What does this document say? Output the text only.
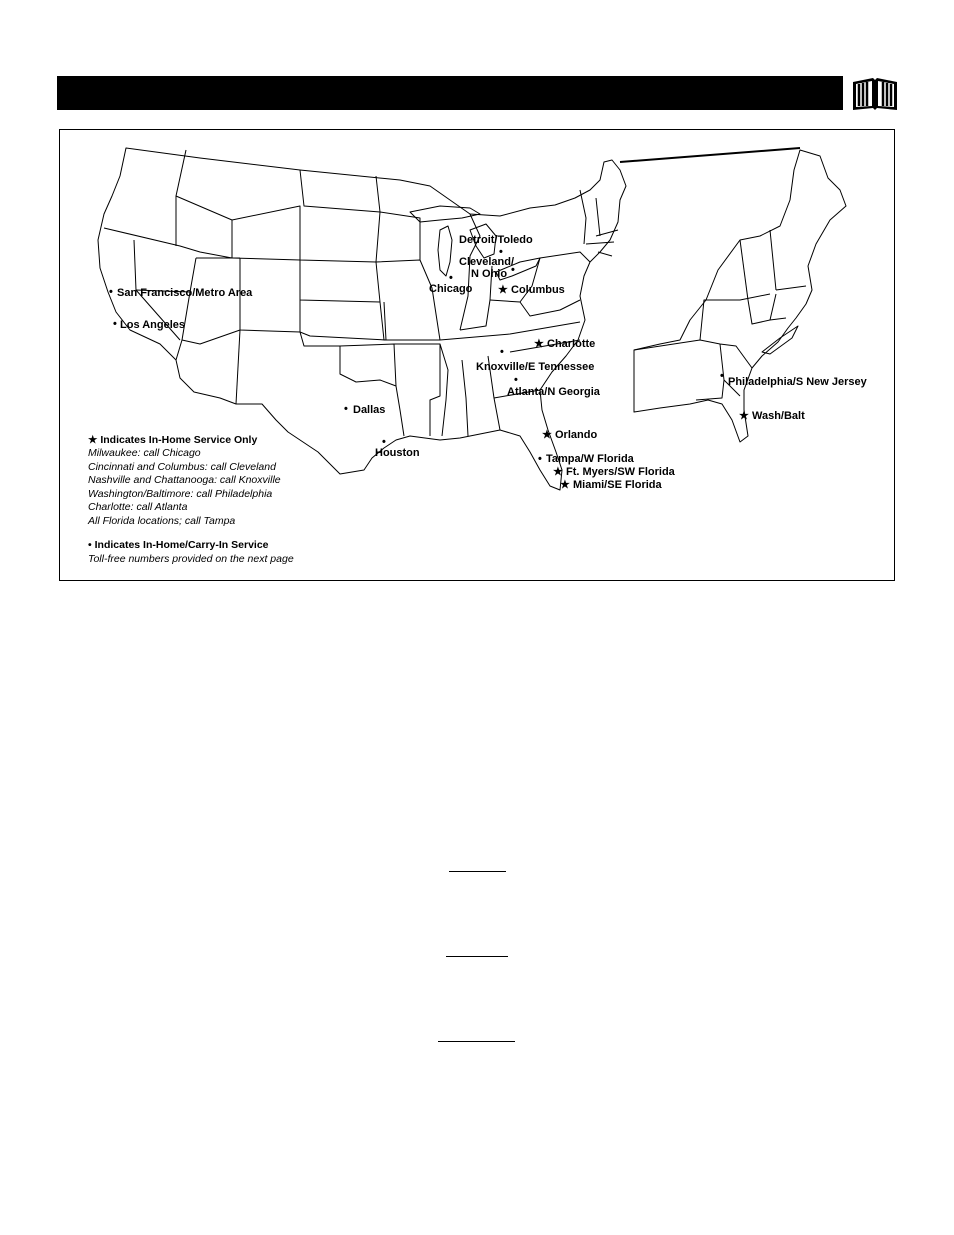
Detroit/Toledo
•
Cleveland/
N Ohio •
•
Chicago ★ Columbus
• San Francisco/Metro Area
• Los Angeles
★ Charlotte
•
Knoxville/E Tennessee
•
Atlanta/N Georgia
• Dallas
•
Houston
★ Orlando
• Tampa/W Florida
★ Ft. Myers/SW Florida
★ Miami/SE Florida
• Philadelphia/S New Jersey
★ Wash/Balt
★ Indicates In-Home Service Only
Milwaukee: call Chicago
Cincinnati and Columbus: call Cleveland
Nashville and Chattanooga: call Knoxville
Washington/Baltimore: call Philadelphia
Charlotte: call Atlanta
All Florida locations; call Tampa
• Indicates In-Home/Carry-In Service
Toll-free numbers provided on the next page
